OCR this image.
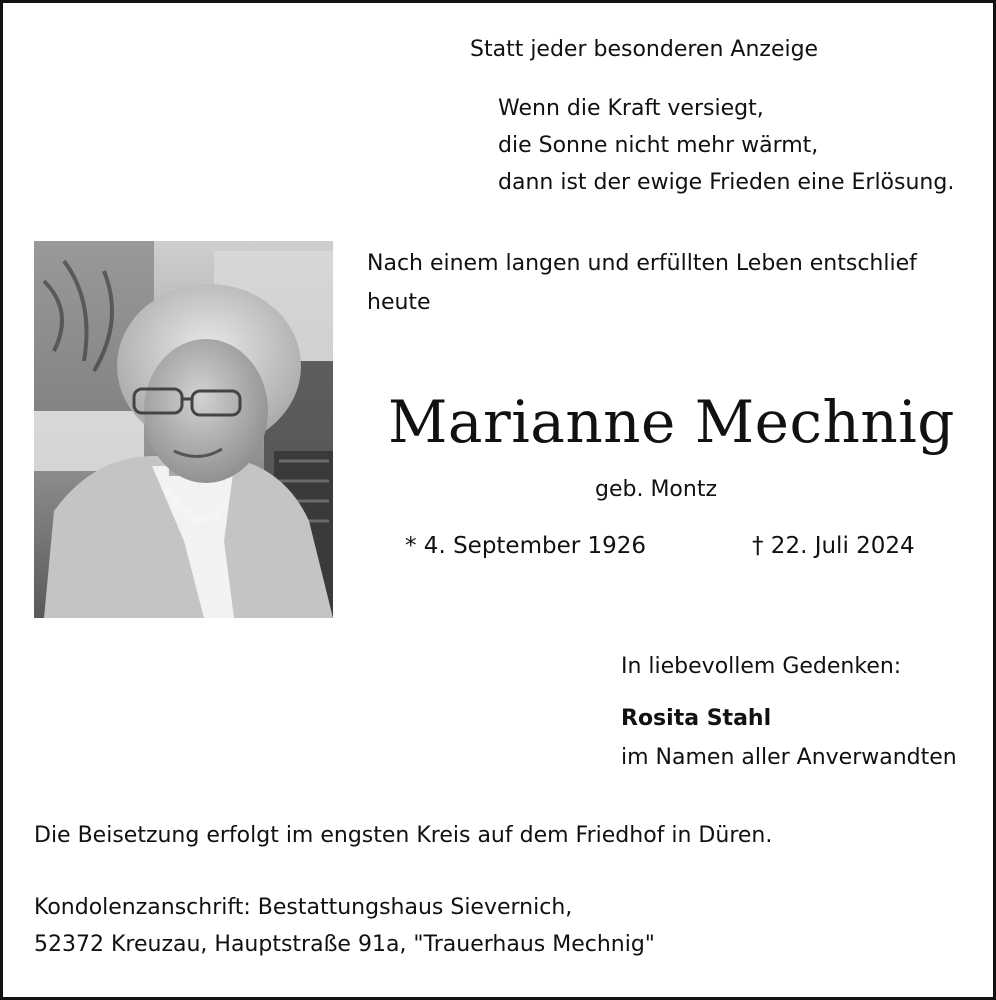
Statt jeder besonderen Anzeige
Wenn die Kraft versiegt,
die Sonne nicht mehr wärmt,
dann ist der ewige Frieden eine Erlösung.
Nach einem langen und erfüllten Leben entschlief heute
Marianne Mechnig
geb. Montz
* 4. September 1926	† 22. Juli 2024
In liebevollem Gedenken:
Rosita Stahl
im Namen aller Anverwandten
Die Beisetzung erfolgt im engsten Kreis auf dem Friedhof in Düren.
Kondolenzanschrift: Bestattungshaus Sievernich,
52372 Kreuzau, Hauptstraße 91a, "Trauerhaus Mechnig"
